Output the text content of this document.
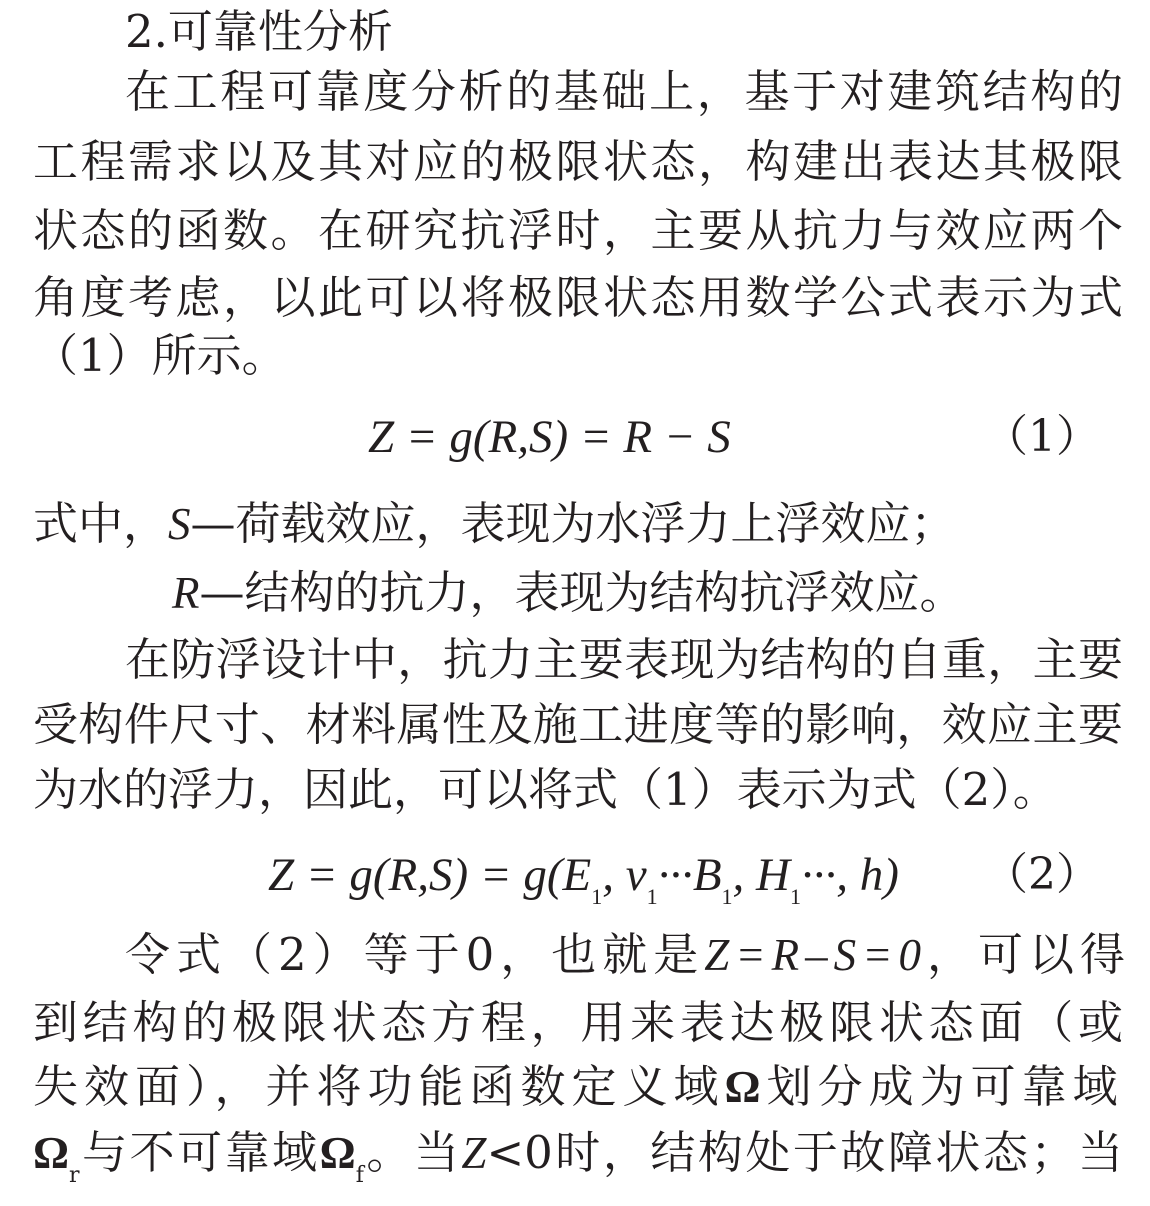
2.可靠性分析
在工程可靠度分析的基础上，基于对建筑结构的
工程需求以及其对应的极限状态，构建出表达其极限
状态的函数。在研究抗浮时，主要从抗力与效应两个
角度考虑，以此可以将极限状态用数学公式表示为式
（1）所示。
Z = g(R,S) = R − S	（1）
式中，S—荷载效应，表现为水浮力上浮效应；
R—结构的抗力，表现为结构抗浮效应。
在防浮设计中，抗力主要表现为结构的自重，主要
受构件尺寸、材料属性及施工进度等的影响，效应主要
为水的浮力，因此，可以将式（1）表示为式（2）。
$Z = g(R,S) = g(E_1$, $v_1\cdot\cdot\cdot B_1$, $H_1\cdot\cdot\cdot$, h) （2）
令式（2）等于0，也就是Z=R–S=0，可以得
到结构的极限状态方程，用来表达极限状态面（或
失效面），并将功能函数定义域Ω划分成为可靠域
$\Omega_r$与不可靠域$\Omega_f$。当Z<0时，结构处于故障状态；当
